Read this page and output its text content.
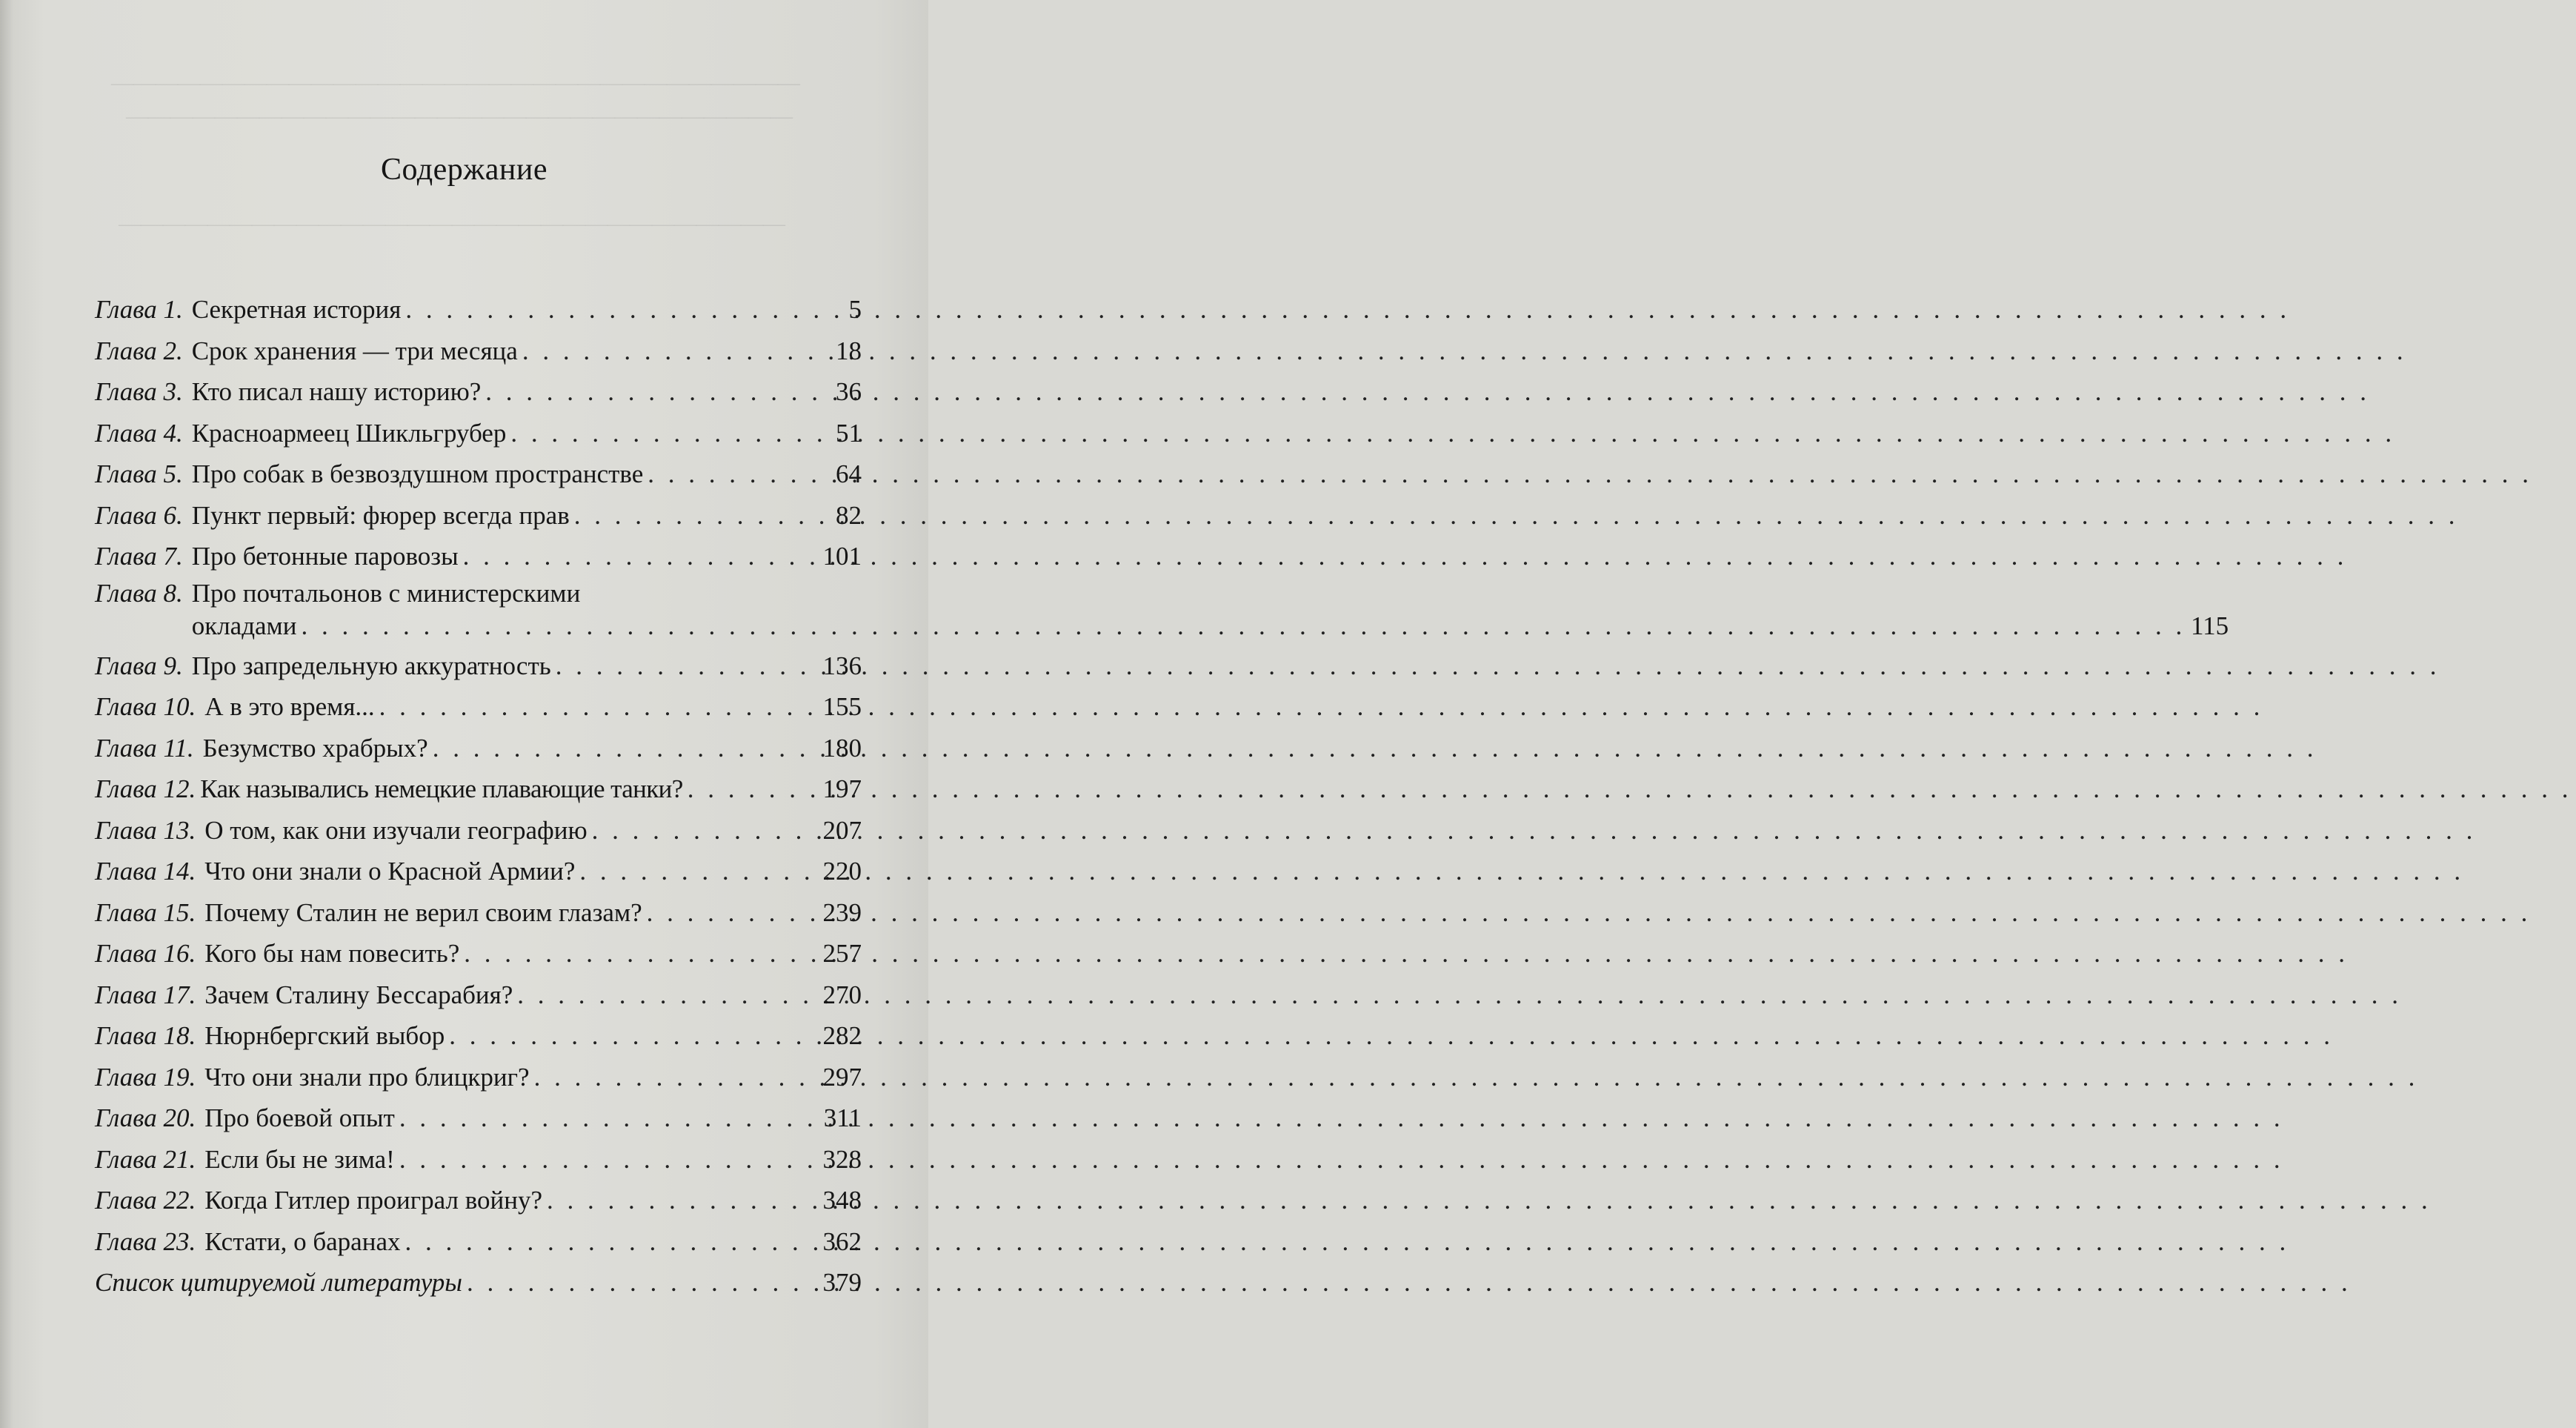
―――――――――――――――――――――――――――――――
――――――――――――――――――――――――――――――
――――――――――――――――――――――――――――――
Содержание
Глава 1. Секретная история . . .	5
Глава 2. Срок хранения — три месяца . . .	18
Глава 3. Кто писал нашу историю? . . .	36
Глава 4. Красноармеец Шикльгрубер . . .	51
Глава 5. Про собак в безвоздушном пространстве . . .	64
Глава 6. Пункт первый: фюрер всегда прав . . .	82
Глава 7. Про бетонные паровозы . . .	101
Глава 8. Про почтальонов с министерскими
окладами . . .	115
Глава 9. Про запредельную аккуратность . . .	136
Глава 10. А в это время... . . .	155
Глава 11. Безумство храбрых? . . .	180
Глава 12. Как назывались немецкие плавающие танки? . . .	197
Глава 13. О том, как они изучали географию . . .	207
Глава 14. Что они знали о Красной Армии? . . .	220
Глава 15. Почему Сталин не верил своим глазам? . . .	239
Глава 16. Кого бы нам повесить? . . .	257
Глава 17. Зачем Сталину Бессарабия? . . .	270
Глава 18. Нюрнбергский выбор . . .	282
Глава 19. Что они знали про блицкриг? . . .	297
Глава 20. Про боевой опыт . . .	311
Глава 21. Если бы не зима! . . .	328
Глава 22. Когда Гитлер проиграл войну? . . .	348
Глава 23. Кстати, о баранах . . .	362
Список цитируемой литературы . . .	379
